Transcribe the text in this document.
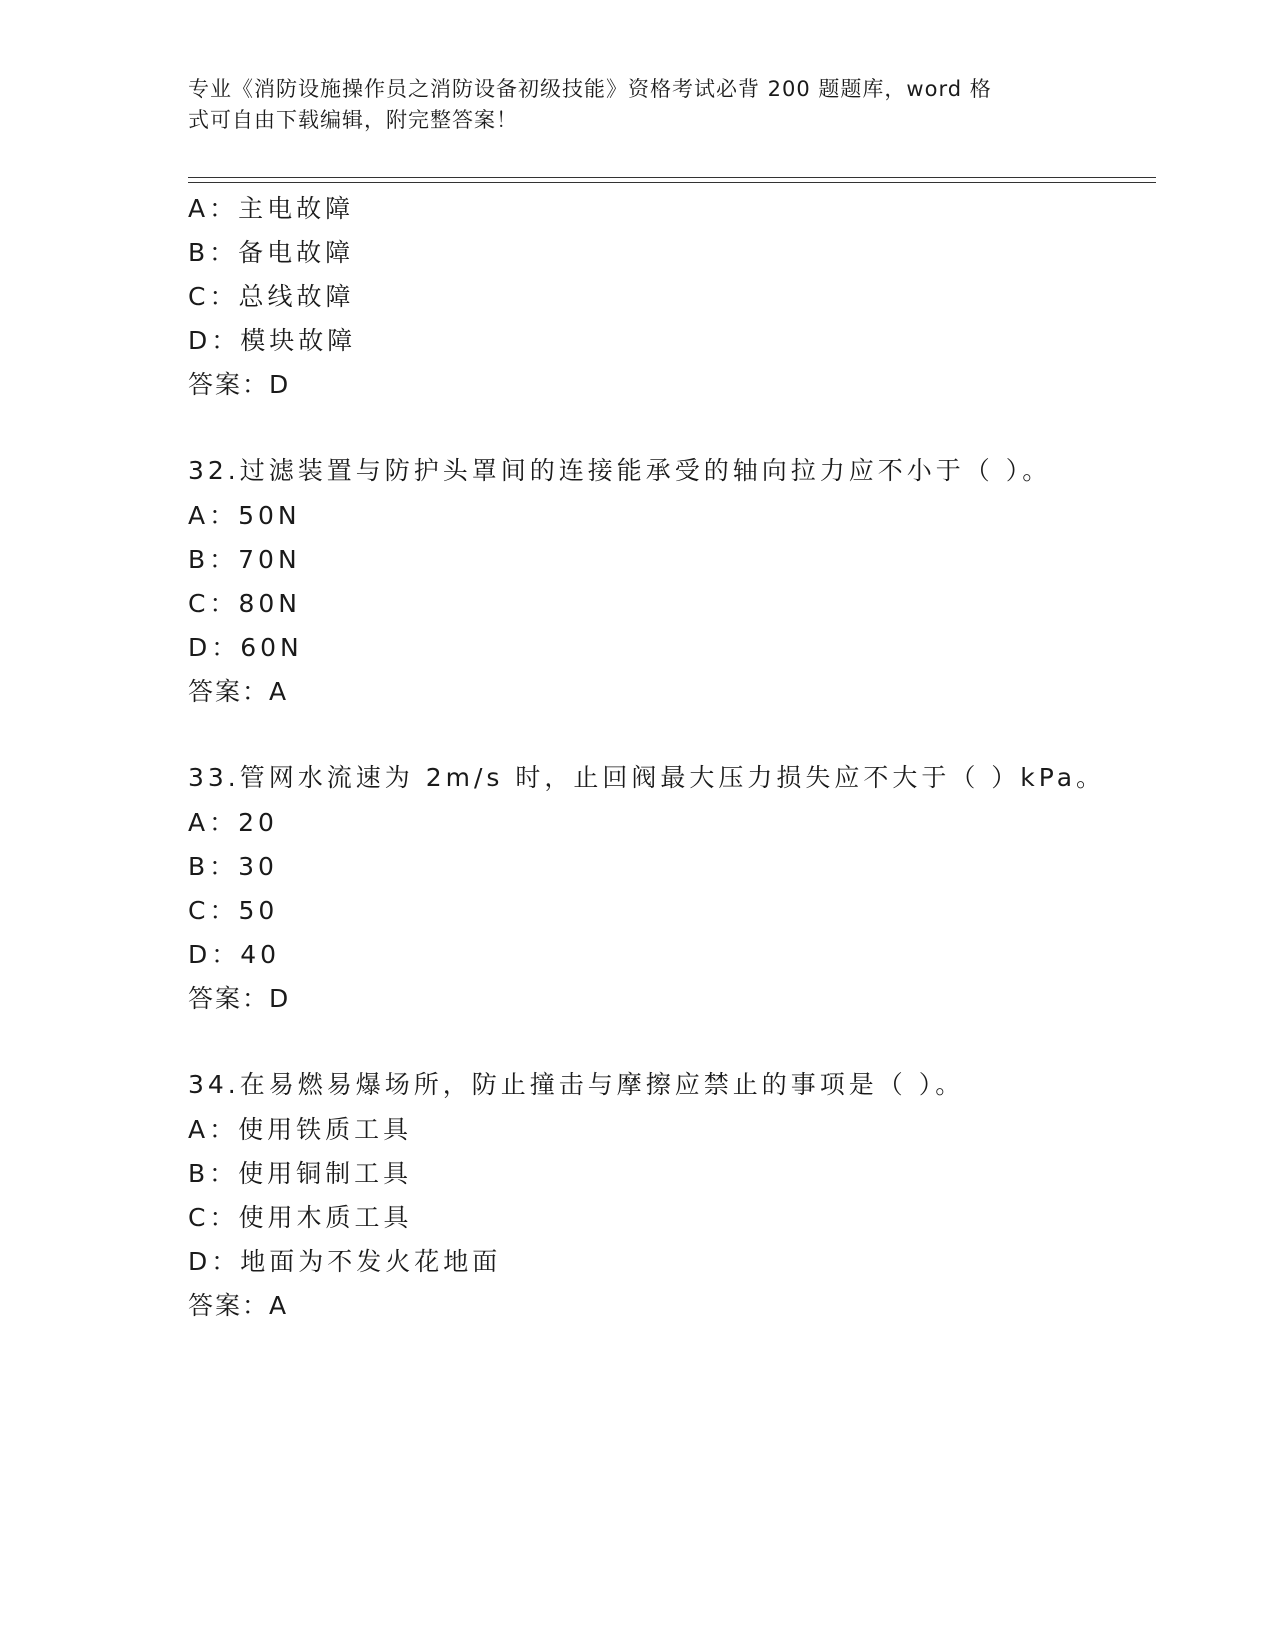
专业《消防设施操作员之消防设备初级技能》资格考试必背 200 题题库，word 格
式可自由下载编辑，附完整答案！
A：主电故障
B：备电故障
C：总线故障
D：模块故障
答案：D
32.过滤装置与防护头罩间的连接能承受的轴向拉力应不小于（ ）。
A：50N
B：70N
C：80N
D：60N
答案：A
33.管网水流速为 2m/s 时，止回阀最大压力损失应不大于（ ）kPa。
A：20
B：30
C：50
D：40
答案：D
34.在易燃易爆场所，防止撞击与摩擦应禁止的事项是（ ）。
A：使用铁质工具
B：使用铜制工具
C：使用木质工具
D：地面为不发火花地面
答案：A
